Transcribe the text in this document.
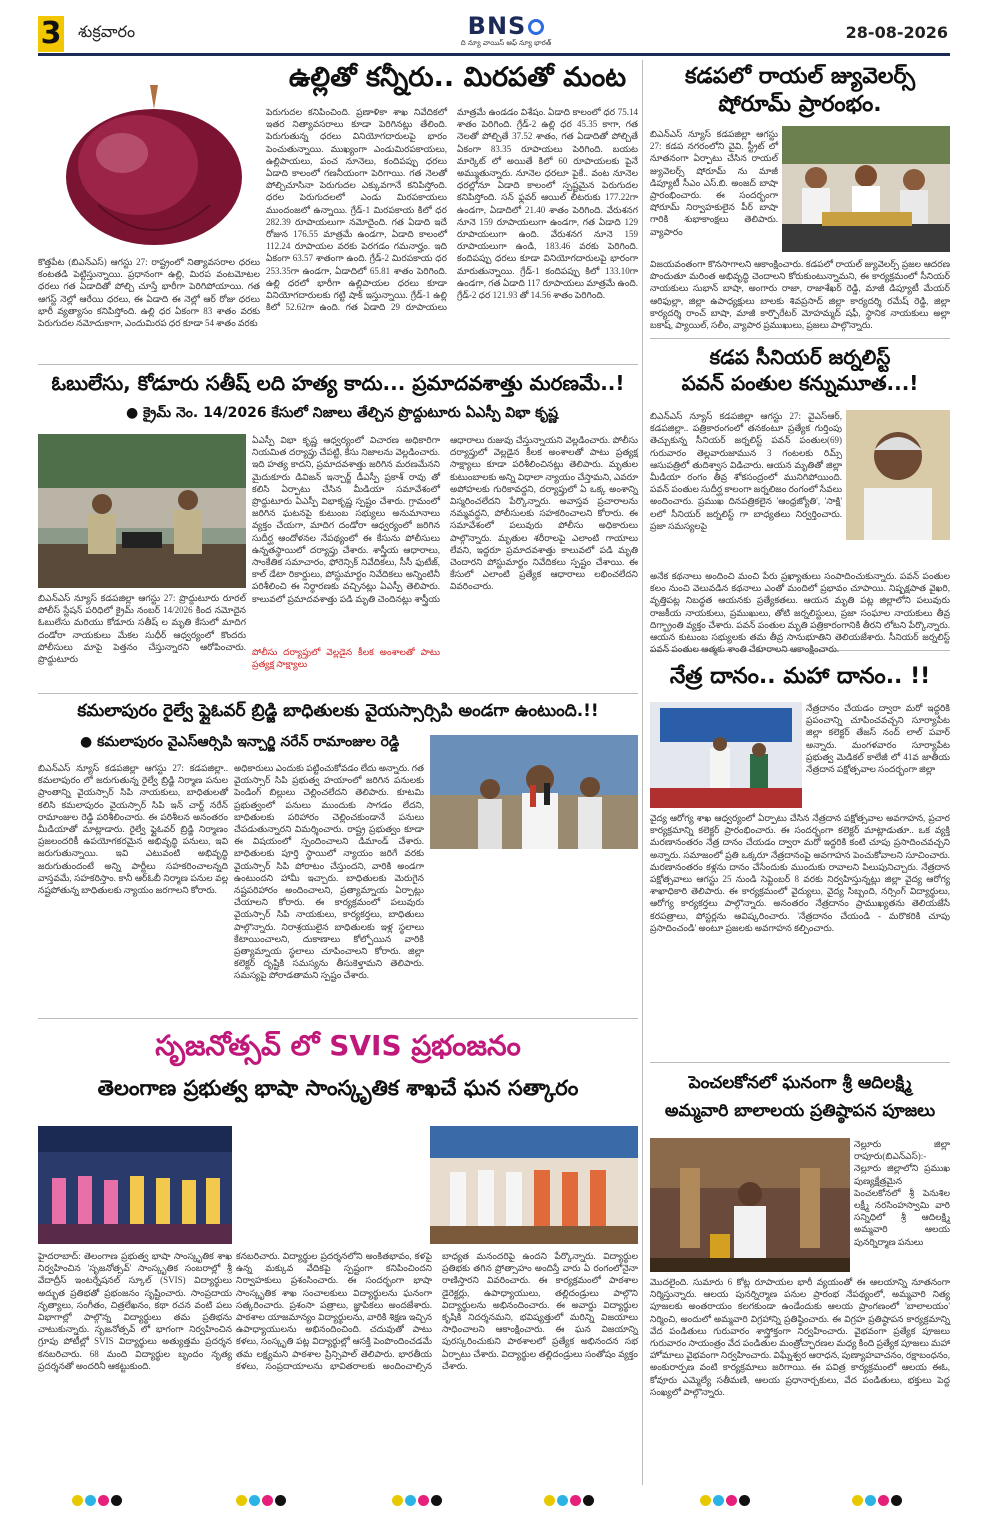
3 శుక్రవారం	BNS
ది న్యూ వాయిస్ ఆఫ్ న్యూ భారత్
28-08-2026
ఉల్లితో కన్నీరు.. మిరపతో మంట
కొత్తపేట (బిఎన్ఎస్) ఆగస్టు 27: రాష్ట్రంలో నిత్యావసరాల ధరలు కంటతడి పెట్టిస్తున్నాయి. ప్రధానంగా ఉల్లి, మిరప వంటమోటల ధరలు గత ఏడాదితో పోల్చి చూస్తే భారీగా పెరిగిపోయాయి. గత ఆగస్ట్ నెల్లో ఆరేయి ధరలు, ఈ ఏడాది ఈ నెల్లో ఆర్ రోజు ధరలు భారీ వ్యత్యాసం కనిపిస్తోంది. ఉల్లి ధర ఏకంగా 83 శాతం వరకు పెరుగుదల నమోదుకాగా, ఎందుమిరప ధర కూడా 54 శాతం వరకు
పెరుగుదల కనిపించింది. ప్రణాళికా శాఖ నివేదికలో ఇతర నిత్యావసరాలు కూడా పెరిగినట్లు తేలింది. పెరుగుతున్న ధరలు వినియోగదారులపై భారం పెంచుతున్నాయి. ముఖ్యంగా ఎండుమిరపకాయలు, ఉల్లిపాయలు, పంచ నూనెలు, కందిపప్పు ధరలు ఏడాది కాలంలో గణనీయంగా పెరిగాయి. గత నెలతో పోల్చిచూసినా పెరుగుదల ఎక్కువగానే కనిపిస్తోంది. ధరల పెరుగుదలలో ఎండు మిరపకాయలు ముందంజలో ఉన్నాయి. గ్రేడ్-1 మిరపకాయ కిలో ధర 282.39 రూపాయలుగా నమోదైంది. గత ఏడాది ఇదే రోజున 176.55 మాత్రమే ఉండగా, ఏడాది కాలంలో 112.24 రూపాయల వరకు పెరగడం గమనార్హం. ఇది ఏకంగా 63.57 శాతంగా ఉంది. గ్రేడ్-2 మిరపకాయ ధర 253.35గా ఉండగా, ఏడాదిలో 65.81 శాతం పెరిగింది. ఉల్లి ధరలో భారీగా ఉల్లిపాయల ధరలు కూడా వినియోగదారులకు గట్టి షాక్ ఇస్తున్నాయి. గ్రేడ్-1 ఉల్లి కిలో 52.62గా ఉంది. గత ఏడాది 29 రూపాయలు మాత్రమే ఉండడం విశేషం. ఏడాది కాలంలో ధర 75.14 శాతం పెరిగింది. గ్రేడ్-2 ఉల్లి ధర 45.35 కాగా, గత నెలతో పోల్చితే 37.52 శాతం, గత ఏడాదితో పోల్చితే ఏకంగా 83.35 రూపాయలు పెరిగింది. బయట మార్కెట్ లో అయితే కిలో 60 రూపాయలకు పైనే అమ్ముతున్నారు. నూనెల ధరలూ పైకే.. వంట నూనెల ధరల్లోనూ ఏడాది కాలంలో స్పష్టమైన పెరుగుదల కనిపిస్తోంది. సన్ ఫ్లవర్ ఆయిల్ లీటరుకు 177.22గా ఉండగా, ఏడాదిలో 21.40 శాతం పెరిగింది. వేరుశనగ నూనె 159 రూపాయలుగా ఉండగా, గత ఏడాది 129 రూపాయలుగా ఉంది. వేరుశనగ నూనె 159 రూపాయలుగా ఉండి, 183.46 వరకు పెరిగింది. కందిపప్పు ధరలు కూడా వినియోగదారులపై భారంగా మారుతున్నాయి. గ్రేడ్-1 కందిపప్పు కిలో 133.10గా ఉండగా, గత ఏడాది 117 రూపాయలు మాత్రమే ఉంది. గ్రేడ్-2 ధర 121.93 తో 14.56 శాతం పెరిగింది.
కడపలో రాయల్ జ్యువెలర్స్
షోరూమ్ ప్రారంభం.
బిఎన్ఎస్ న్యూస్ కడపజిల్లా ఆగస్టు 27: కడప నగరంలోని వైవి. స్ట్రీట్ లో నూతనంగా ఏర్పాటు చేసిన రాయల్ జ్యువెలర్స్ షోరూమ్ ను మాజీ డిప్యూటీ సీఎం ఎస్.బి. అంజద్ బాషా ప్రారంభించారు. ఈ సందర్భంగా షోరూమ్ నిర్వాహకులైన పీర్ బాషా గారికి శుభాకాంక్షలు తెలిపారు. వ్యాపారం
విజయవంతంగా కొనసాగాలని ఆకాంక్షించారు. కడపలో రాయల్ జ్యువెలర్స్ ప్రజల ఆదరణ పొందుతూ మరింత అభివృద్ధి చెందాలని కోరుకుంటున్నామని, ఈ కార్యక్రమంలో సీనియర్ నాయకులు సుభాన్ బాషా, అంగారు రాజా, రాజాశేఖర్ రెడ్డి, మాజీ డిప్యూటీ మేయర్ ఆరిఫుల్లా, జిల్లా ఉపాధ్యక్షులు బాలకు శివప్రసాద్ జిల్లా కార్యదర్శి రమేష్ రెడ్డి, జిల్లా కార్యదర్శి రాంచ్ బాషా, మాజీ కార్పొరేటర్ మోహమ్మద్ షఫీ, స్థానిక నాయకులు అల్లా బకాష్, ప్యాయిల్, సలీం, వ్యాపార ప్రముఖులు, ప్రజలు పాల్గొన్నారు.
ఓబులేసు, కోడూరు సతీష్ లది హత్య కాదు... ప్రమాదవశాత్తు మరణమే..!
● క్రైమ్ నెం. 14/2026 కేసులో నిజాలు తేల్చిన ప్రొద్దుటూరు ఏఎస్పీ విభా కృష్ణ
బిఎన్ఎస్ న్యూస్ కడపజిల్లా ఆగస్టు 27: ప్రొద్దుటూరు రూరల్ పోలీస్ స్టేషన్ పరిధిలో క్రైమ్ నంబర్ 14/2026 కింద నమోదైన ఓబులేసు మరియు కోడూరు సతీష్ ల మృతి కేసులో మాదిగ దండోరా నాయకులు మేకల సుధీర్ ఆధ్వర్యంలో కొందరు పోలీసులు మాపై పెత్తనం చేస్తున్నారని ఆరోపించారు. ప్రొద్దుటూరు
ఏఎస్పీ విభా కృష్ణ ఆధ్వర్యంలో విచారణ అధికారిగా నియమిత దర్యాప్తు చేపట్టి, కేసు నిజాలను వెల్లడించారు. ఇది హత్య కాదని, ప్రమాదవశాత్తు జరిగిన మరణమేనని మైదుకూరు డివిజన్ ఇన్చార్జ్ డీఎస్పీ ప్రకాశ్ రావు తో కలిసి ఏర్పాటు చేసిన మీడియా సమావేశంలో ప్రొద్దుటూరు ఏఎస్పీ విభాకృష్ణ స్పష్టం చేశారు. గ్రామంలో జరిగిన ఘటనపై కుటుంబ సభ్యులు అనుమానాలు వ్యక్తం చేయగా, మాదిగ దండోరా ఆధ్వర్యంలో జరిగిన సుదీర్ఘ ఆందోళనల నేపథ్యంలో ఈ కేసును పోలీసులు ఉన్నతస్థాయిలో దర్యాప్తు చేశారు. శాస్త్రీయ ఆధారాలు, సాంకేతిక సమాచారం, ఫోరెన్సిక్ నివేదికలు, సీసీ ఫుటేజ్, కాల్ డేటా రికార్డులు, పోస్టుమార్టం నివేదికలు అన్నింటినీ పరిశీలించి ఈ నిర్ధారణకు వచ్చినట్లు ఏఎస్పీ తెలిపారు. కాలువలో ప్రమాదవశాత్తు పడి మృతి చెందినట్లు శాస్త్రీయ ఆధారాలు రుజువు చేస్తున్నాయని వెల్లడించారు. పోలీసు దర్యాప్తులో వెల్లడైన కీలక అంశాలతో పాటు ప్రత్యక్ష సాక్ష్యాలు కూడా పరిశీలించినట్లు తెలిపారు. మృతుల కుటుంబాలకు అన్ని విధాలా న్యాయం చేస్తామని, ఎవరూ అపోహలకు గురికావద్దని, దర్యాప్తులో ఏ ఒక్క అంశాన్ని విస్మరించలేదని పేర్కొన్నారు. అవాస్తవ ప్రచారాలను నమ్మవద్దని, పోలీసులకు సహకరించాలని కోరారు. ఈ సమావేశంలో పలువురు పోలీసు అధికారులు పాల్గొన్నారు. మృతుల శరీరాలపై ఎలాంటి గాయాలు లేవని, ఇద్దరూ ప్రమాదవశాత్తు కాలువలో పడి మృతి చెందారని పోస్టుమార్టం నివేదికలు స్పష్టం చేశాయి. ఈ కేసులో ఎలాంటి ప్రత్యేక ఆధారాలు లభించలేదని వివరించారు.
పోలీసు దర్యాప్తులో వెల్లడైన కీలక అంశాలతో పాటు ప్రత్యక్ష సాక్ష్యాలు
కడప సీనియర్ జర్నలిస్ట్
పవన్ పంతుల కన్నుమూత...!
బిఎన్ఎస్ న్యూస్ కడపజిల్లా ఆగస్టు 27: వైఎస్ఆర్, కడపజిల్లా.. పత్రికారంగంలో తనకంటూ ప్రత్యేక గుర్తింపు తెచ్చుకున్న సీనియర్ జర్నలిస్ట్ పవన్ పంతుల(69) గురువారం తెల్లవారుజామున 3 గంటలకు రిమ్స్ ఆసుపత్రిలో తుదిశ్వాస విడిచారు. ఆయన మృతితో జిల్లా మీడియా రంగం తీవ్ర శోకసంద్రంలో మునిగిపోయింది. పవన్ పంతుల సుదీర్ఘ కాలంగా జర్నలిజం రంగంలో సేవలు అందించారు. ప్రముఖ దినపత్రికలైన 'ఆంధ్రజ్యోతి', 'సాక్షి' లలో సీనియర్ జర్నలిస్ట్ గా బాధ్యతలు నిర్వర్తించారు. ప్రజా సమస్యలపై
అనేక కథనాలు అందించి మంచి పేరు ప్రఖ్యాతులు సంపాదించుకున్నారు. పవన్ పంతుల కలం నుంచి వెలువడిన కథనాలు ఎంతో మందిలో ప్రభావం చూపాయి. నిష్పక్షపాత వైఖరి, వృత్తిపట్ల నిబద్ధత ఆయనకు ప్రత్యేకతలు. ఆయన మృతి పట్ల జిల్లాలోని పలువురు రాజకీయ నాయకులు, ప్రముఖులు, తోటి జర్నలిస్టులు, ప్రజా సంఘాల నాయకులు తీవ్ర దిగ్భ్రాంతి వ్యక్తం చేశారు. పవన్ పంతుల మృతి పత్రికారంగానికి తీరని లోటని పేర్కొన్నారు. ఆయన కుటుంబ సభ్యులకు తమ తీవ్ర సానుభూతిని తెలియజేశారు. సీనియర్ జర్నలిస్ట్ పవన్ పంతుల ఆత్మకు శాంతి చేకూరాలని ఆకాంక్షించారు.
కమలాపురం రైల్వే ఫ్లైఓవర్ బ్రిడ్జి బాధితులకు వైయస్సార్సిపి అండగా ఉంటుంది.!!
● కమలాపురం వైఎస్ఆర్సిపి ఇన్చార్జి నరేన్ రామాంజుల రెడ్డి
బిఎన్ఎస్ న్యూస్ కడపజిల్లా ఆగస్టు 27: కడపజిల్లా.. కమలాపురం లో జరుగుతున్న రైల్వే బ్రిడ్జి నిర్మాణ పనుల ప్రాంతాన్ని వైయస్సార్ సిపి నాయకులు, బాధితులతో కలిసి కమలాపురం వైయస్సార్ సిపి ఇన్ చార్జ్ నరేన్ రామాంజుల రెడ్డి పరిశీలించారు. ఈ పరిశీలన అనంతరం మీడియాతో మాట్లాడారు. రైల్వే ఫ్లైఓవర్ బ్రిడ్జి నిర్మాణం ప్రజలందరికీ ఉపయోగకరమైన అభివృద్ధి పనులు, ఇవి జరుగుతున్నాయి. ఇవి ఎటువంటి అభివృద్ధి జరుగుతుందంటే అన్ని పార్టీలు సహకరించాలన్నది వాస్తవమే, సహకరిస్తాం. కానీ ఆర్ఓబీ నిర్మాణ పనుల వల్ల నష్టపోతున్న బాధితులకు న్యాయం జరగాలని కోరారు.
అధికారులు ఎందుకు పట్టించుకోవడం లేదు అన్నారు. గత వైయస్సార్ సిపి ప్రభుత్వ హయాంలో జరిగిన పనులకు పెండింగ్ బిల్లులు చెల్లించలేదని తెలిపారు. కూటమి ప్రభుత్వంలో పనులు ముందుకు సాగడం లేదని, బాధితులకు పరిహారం చెల్లించకుండానే పనులు చేపడుతున్నారని విమర్శించారు. రాష్ట్ర ప్రభుత్వం కూడా ఈ విషయంలో స్పందించాలని డిమాండ్ చేశారు. బాధితులకు పూర్తి స్థాయిలో న్యాయం జరిగే వరకు వైయస్సార్ సిపి పోరాటం చేస్తుందని, వారికి అండగా ఉంటుందని హామీ ఇచ్చారు. బాధితులకు మెరుగైన నష్టపరిహారం అందించాలని, ప్రత్యామ్నాయ ఏర్పాట్లు చేయాలని కోరారు. ఈ కార్యక్రమంలో పలువురు వైయస్సార్ సిపి నాయకులు, కార్యకర్తలు, బాధితులు పాల్గొన్నారు. నిరాశ్రయులైన బాధితులకు ఇళ్ల స్థలాలు కేటాయించాలని, దుకాణాలు కోల్పోయిన వారికి ప్రత్యామ్నాయ స్థలాలు చూపించాలని కోరారు. జిల్లా కలెక్టర్ దృష్టికి సమస్యను తీసుకెళ్తామని తెలిపారు. సమస్యపై పోరాడతామని స్పష్టం చేశారు.
నేత్ర దానం.. మహా దానం.. !!
నేత్రదానం చేయడం ద్వారా మరో ఇద్దరికి ప్రపంచాన్ని చూపించవచ్చని సూర్యాపేట జిల్లా కలెక్టర్ తేజస్ నంద్ లాల్ పవార్ అన్నారు. మంగళవారం సూర్యాపేట ప్రభుత్వ మెడికల్ కాలేజీ లో 41వ జాతీయ నేత్రదాన పక్షోత్సవాల సందర్భంగా జిల్లా
వైద్య ఆరోగ్య శాఖ ఆధ్వర్యంలో ఏర్పాటు చేసిన నేత్రదాన పక్షోత్సవాల అవగాహన, ప్రచార కార్యక్రమాన్ని కలెక్టర్ ప్రారంభించారు. ఈ సందర్భంగా కలెక్టర్ మాట్లాడుతూ.. ఒక వ్యక్తి మరణానంతరం నేత్ర దానం చేయడం ద్వారా మరో ఇద్దరికి కంటి చూపు ప్రసాదించవచ్చని అన్నారు. సమాజంలో ప్రతి ఒక్కరూ నేత్రదానంపై అవగాహన పెంచుకోవాలని సూచించారు. మరణానంతరం కళ్లను దానం చేసేందుకు ముందుకు రావాలని పిలుపునిచ్చారు. నేత్రదాన పక్షోత్సవాలు ఆగస్టు 25 నుండి సెప్టెంబర్ 8 వరకు నిర్వహిస్తున్నట్లు జిల్లా వైద్య ఆరోగ్య శాఖాధికారి తెలిపారు. ఈ కార్యక్రమంలో వైద్యులు, వైద్య సిబ్బంది, నర్సింగ్ విద్యార్థులు, ఆరోగ్య కార్యకర్తలు పాల్గొన్నారు. అనంతరం నేత్రదానం ప్రాముఖ్యతను తెలియజేసే కరపత్రాలు, పోస్టర్లను ఆవిష్కరించారు. 'నేత్రదానం చేయండి - మరొకరికి చూపు ప్రసాదించండి' అంటూ ప్రజలకు అవగాహన కల్పించారు.
సృజనోత్సవ్ లో SVIS ప్రభంజనం
తెలంగాణ ప్రభుత్వ భాషా సాంస్కృతిక శాఖచే ఘన సత్కారం
హైదరాబాద్: తెలంగాణ ప్రభుత్వ భాషా సాంస్కృతిక శాఖ నిర్వహించిన 'సృజనోత్సవ్' సాంస్కృతిక సంబరాల్లో శ్రీ వేదాద్రీస్ ఇంటర్నేషనల్ స్కూల్ (SVIS) విద్యార్థులు అద్భుత ప్రతిభతో ప్రభంజనం సృష్టించారు. సాంప్రదాయ నృత్యాలు, సంగీతం, చిత్రలేఖనం, కథా రచన వంటి పలు విభాగాల్లో పాల్గొన్న విద్యార్థులు తమ ప్రతిభను చాటుకున్నారు. సృజనోత్సవ్ లో భాగంగా నిర్వహించిన గ్రూపు పోటీల్లో SVIS విద్యార్థులు అత్యుత్తమ ప్రదర్శన కనబరిచారు. 68 మంది విద్యార్థుల బృందం నృత్య ప్రదర్శనతో అందరినీ ఆకట్టుకుంది.
కనబరిచారు. విద్యార్థుల ప్రదర్శనలోని అంకితభావం, కళపై ఉన్న మక్కువ వేదికపై స్పష్టంగా కనిపించిందని నిర్వాహకులు ప్రశంసించారు. ఈ సందర్భంగా భాషా సాంస్కృతిక శాఖ సంచాలకులు విద్యార్థులను ఘనంగా సత్కరించారు. ప్రశంసా పత్రాలు, జ్ఞాపికలు అందజేశారు. పాఠశాల యాజమాన్యం విద్యార్థులను, వారికి శిక్షణ ఇచ్చిన ఉపాధ్యాయులను అభినందించింది. చదువుతో పాటు కళలు, సంస్కృతి పట్ల విద్యార్థుల్లో ఆసక్తి పెంపొందించడమే తమ లక్ష్యమని పాఠశాల ప్రిన్సిపాల్ తెలిపారు. భారతీయ కళలు, సంప్రదాయాలను భావితరాలకు అందించాల్సిన బాధ్యత మనందరిపై ఉందని పేర్కొన్నారు. విద్యార్థుల ప్రతిభకు తగిన ప్రోత్సాహం అందిస్తే వారు ఏ రంగంలోనైనా రాణిస్తారని వివరించారు. ఈ కార్యక్రమంలో పాఠశాల డైరెక్టర్లు, ఉపాధ్యాయులు, తల్లిదండ్రులు పాల్గొని విద్యార్థులను అభినందించారు. ఈ అవార్డు విద్యార్థుల కృషికి నిదర్శనమని, భవిష్యత్తులో మరిన్ని విజయాలు సాధించాలని ఆకాంక్షించారు. ఈ ఘన విజయాన్ని పురస్కరించుకుని పాఠశాలలో ప్రత్యేక అభినందన సభ ఏర్పాటు చేశారు. విద్యార్థుల తల్లిదండ్రులు సంతోషం వ్యక్తం చేశారు.
పెంచలకోనలో ఘనంగా శ్రీ ఆదిలక్ష్మి
అమ్మవారి బాలాలయ ప్రతిష్ఠాపన పూజలు
నెల్లూరు జిల్లా రాపూరు(బిఎన్ఎస్):- నెల్లూరు జిల్లాలోని ప్రముఖ పుణ్యక్షేత్రమైన పెంచలకోనలో శ్రీ పెనుశిల లక్ష్మీ నరసింహస్వామి వారి సన్నిధిలో శ్రీ ఆదిలక్ష్మి అమ్మవారి ఆలయ పునర్నిర్మాణ పనులు
మొదలైంది. సుమారు 6 కోట్ల రూపాయల భారీ వ్యయంతో ఈ ఆలయాన్ని నూతనంగా నిర్మిస్తున్నారు. ఆలయ పునర్నిర్మాణ పనుల ప్రారంభ నేపథ్యంలో, అమ్మవారి నిత్య పూజలకు అంతరాయం కలగకుండా ఉండేందుకు ఆలయ ప్రాంగణంలో 'బాలాలయం' నిర్మించి, అందులో అమ్మవారి విగ్రహాన్ని ప్రతిష్ఠించారు. ఈ విగ్రహ ప్రతిష్ఠాపన కార్యక్రమాన్ని వేద పండితులు గురువారం శాస్త్రోక్తంగా నిర్వహించారు. వైభవంగా ప్రత్యేక పూజలు గురువారం సాయంత్రం వేద పండితుల మంత్రోచ్ఛారణల మధ్య కింది ప్రత్యేక పూజలు మహా హోమాలు వైభవంగా నిర్వహించారు. విఘ్నేశ్వర ఆరాధన, పుణ్యాహవాచనం, రక్షాబంధనం, అంకురార్పణ వంటి కార్యక్రమాలు జరిగాయి. ఈ పవిత్ర కార్యక్రమంలో ఆలయ ఈఓ, కోవూరు ఎమ్మెల్యే సతీమణి, ఆలయ ప్రధానార్చకులు, వేద పండితులు, భక్తులు పెద్ద సంఖ్యలో పాల్గొన్నారు.
